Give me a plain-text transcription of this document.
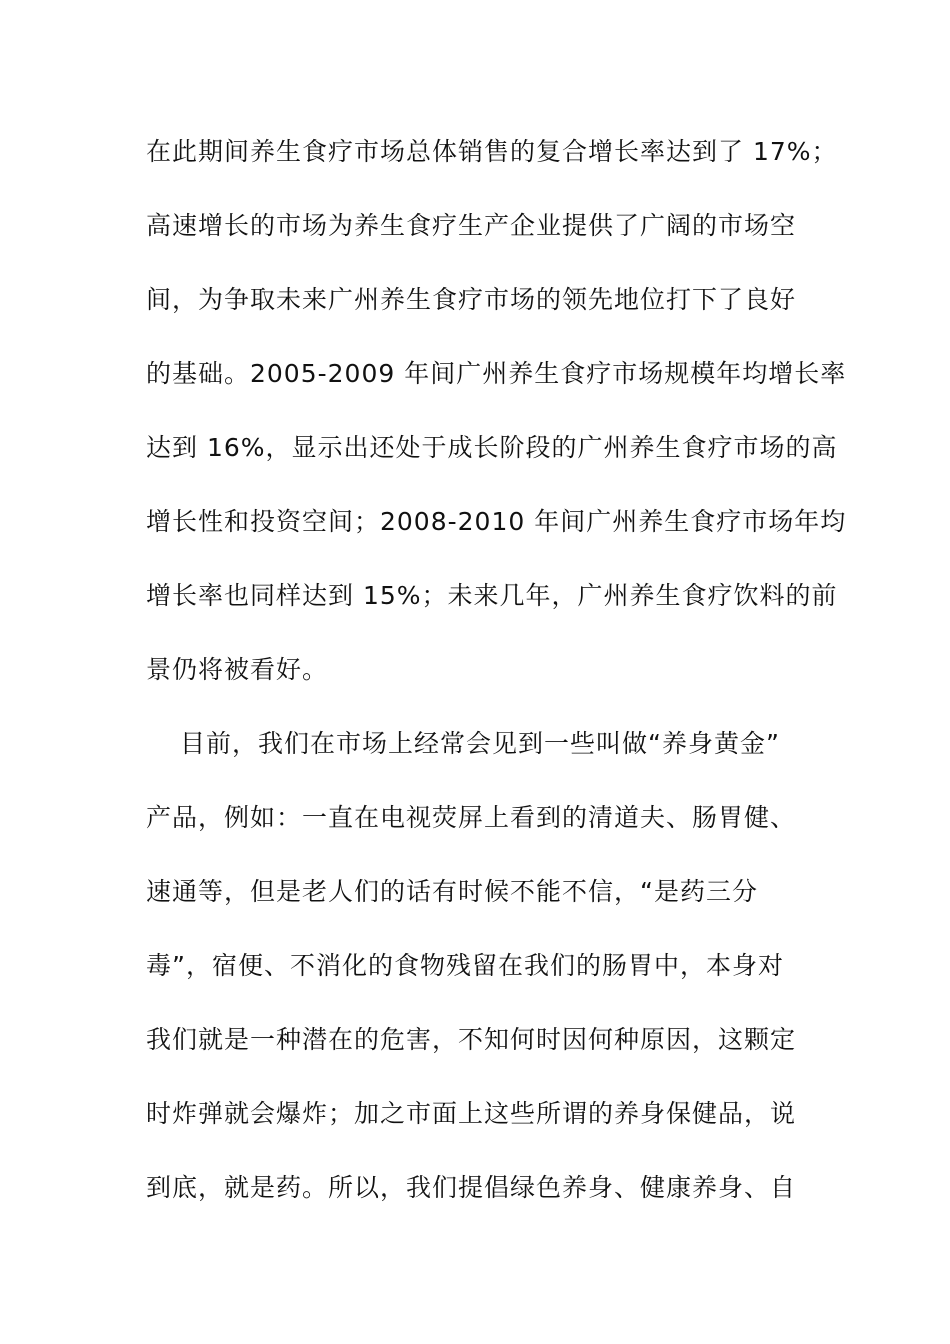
在此期间养生食疗市场总体销售的复合增长率达到了 17%；
高速增长的市场为养生食疗生产企业提供了广阔的市场空
间，为争取未来广州养生食疗市场的领先地位打下了良好
的基础。2005-2009 年间广州养生食疗市场规模年均增长率
达到 16%，显示出还处于成长阶段的广州养生食疗市场的高
增长性和投资空间；2008-2010 年间广州养生食疗市场年均
增长率也同样达到 15%；未来几年，广州养生食疗饮料的前
景仍将被看好。
目前，我们在市场上经常会见到一些叫做“养身黄金”
产品，例如：一直在电视荧屏上看到的清道夫、肠胃健、
速通等，但是老人们的话有时候不能不信，“是药三分
毒”，宿便、不消化的食物残留在我们的肠胃中，本身对
我们就是一种潜在的危害，不知何时因何种原因，这颗定
时炸弹就会爆炸；加之市面上这些所谓的养身保健品，说
到底，就是药。所以，我们提倡绿色养身、健康养身、自
